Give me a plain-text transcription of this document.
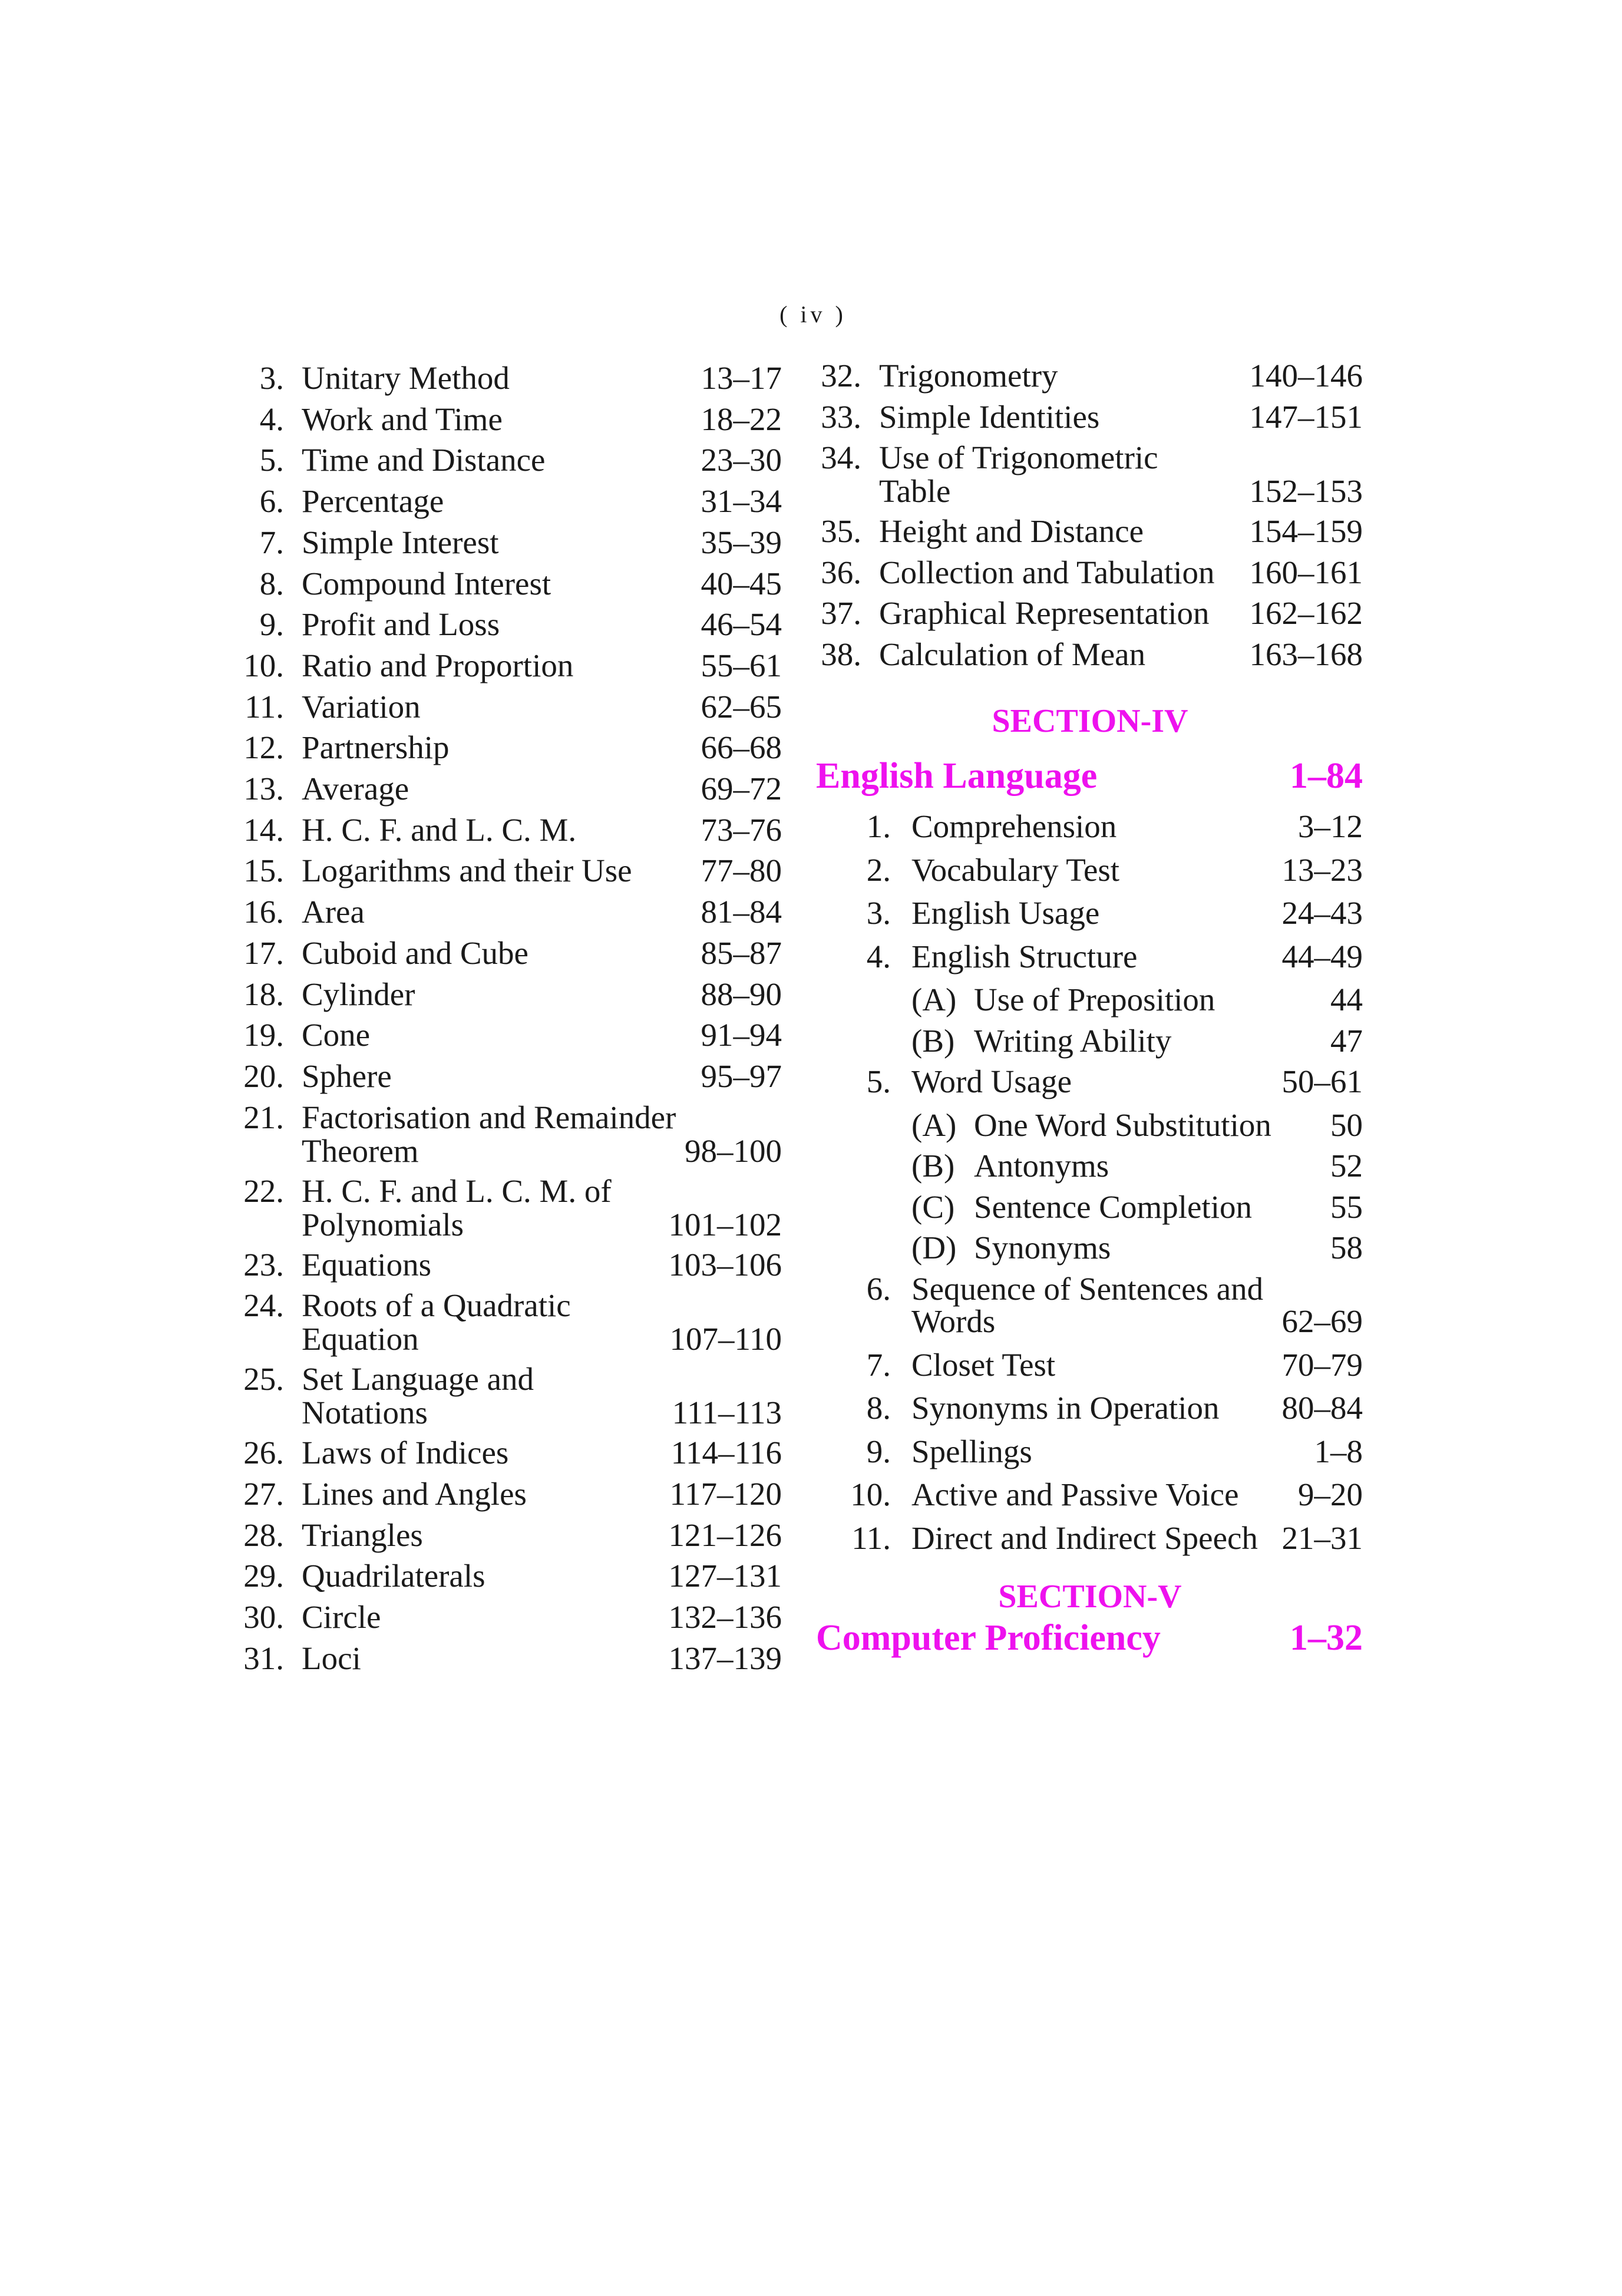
( iv )
3. Unitary Method	13–17
4. Work and Time	18–22
5. Time and Distance	23–30
6. Percentage	31–34
7. Simple Interest	35–39
8. Compound Interest	40–45
9. Profit and Loss	46–54
10. Ratio and Proportion	55–61
11. Variation	62–65
12. Partnership	66–68
13. Average	69–72
14. H. C. F. and L. C. M.	73–76
15. Logarithms and their Use 77–80
16. Area	81–84
17. Cuboid and Cube	85–87
18. Cylinder	88–90
19. Cone	91–94
20. Sphere	95–97
21. Factorisation and Remainder
Theorem	98–100
22. H. C. F. and L. C. M. of
Polynomials	101–102
23. Equations	103–106
24. Roots of a Quadratic
Equation	107–110
25. Set Language and
Notations	111–113
26. Laws of Indices	114–116
27. Lines and Angles	117–120
28. Triangles	121–126
29. Quadrilaterals	127–131
30. Circle	132–136
31. Loci	137–139
32. Trigonometry	140–146
33. Simple Identities	147–151
34. Use of Trigonometric
Table	152–153
35. Height and Distance	154–159
36. Collection and Tabulation 160–161
37. Graphical Representation 162–162
38. Calculation of Mean	163–168
SECTION-IV
English Language	1–84
1. Comprehension	3–12
2. Vocabulary Test	13–23
3. English Usage	24–43
4. English Structure	44–49
(A) Use of Preposition	44
(B) Writing Ability	47
5. Word Usage	50–61
(A) One Word Substitution 50
(B) Antonyms	52
(C) Sentence Completion 55
(D) Synonyms	58
6. Sequence of Sentences and
Words	62–69
7. Closet Test	70–79
8. Synonyms in Operation 80–84
9. Spellings	1–8
10. Active and Passive Voice 9–20
11. Direct and Indirect Speech 21–31
SECTION-V
Computer Proficiency	1–32
